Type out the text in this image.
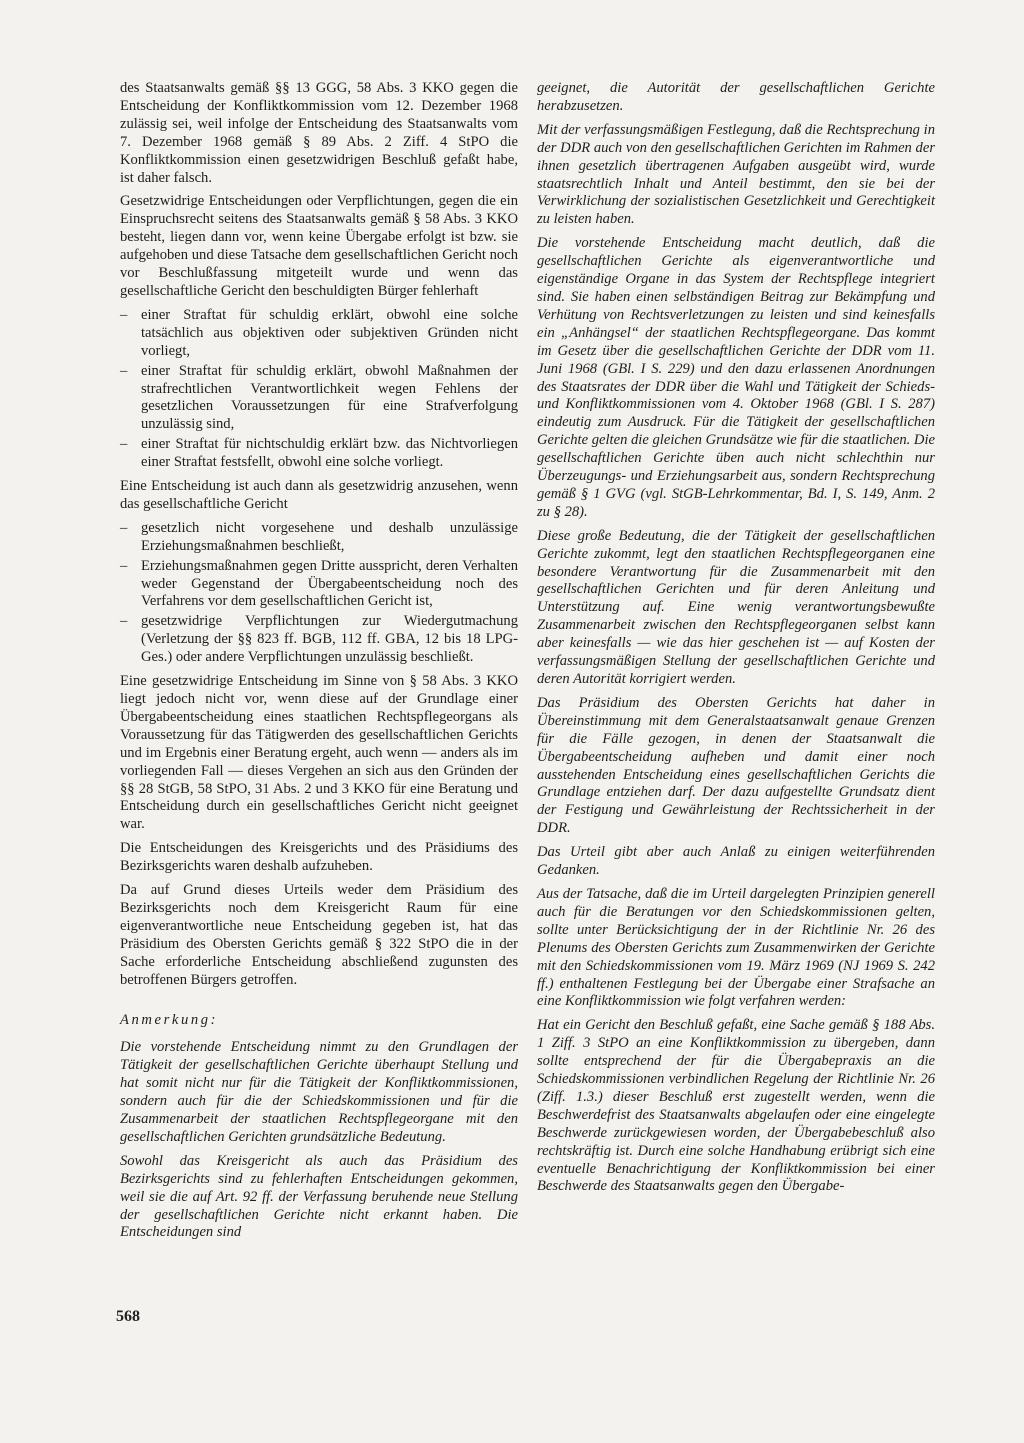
des Staatsanwalts gemäß §§ 13 GGG, 58 Abs. 3 KKO gegen die Entscheidung der Konfliktkommission vom 12. Dezember 1968 zulässig sei, weil infolge der Entscheidung des Staatsanwalts vom 7. Dezember 1968 gemäß § 89 Abs. 2 Ziff. 4 StPO die Konfliktkommission einen gesetzwidrigen Beschluß gefaßt habe, ist daher falsch.

Gesetzwidrige Entscheidungen oder Verpflichtungen, gegen die ein Einspruchsrecht seitens des Staatsanwalts gemäß § 58 Abs. 3 KKO besteht, liegen dann vor, wenn keine Übergabe erfolgt ist bzw. sie aufgehoben und diese Tatsache dem gesellschaftlichen Gericht noch vor Beschlußfassung mitgeteilt wurde und wenn das gesellschaftliche Gericht den beschuldigten Bürger fehlerhaft

– einer Straftat für schuldig erklärt, obwohl eine solche tatsächlich aus objektiven oder subjektiven Gründen nicht vorliegt,
– einer Straftat für schuldig erklärt, obwohl Maßnahmen der strafrechtlichen Verantwortlichkeit wegen Fehlens der gesetzlichen Voraussetzungen für eine Strafverfolgung unzulässig sind,
– einer Straftat für nichtschuldig erklärt bzw. das Nichtvorliegen einer Straftat festsfellt, obwohl eine solche vorliegt.

Eine Entscheidung ist auch dann als gesetzwidrig anzusehen, wenn das gesellschaftliche Gericht

– gesetzlich nicht vorgesehene und deshalb unzulässige Erziehungsmaßnahmen beschließt,
– Erziehungsmaßnahmen gegen Dritte ausspricht, deren Verhalten weder Gegenstand der Übergabeentscheidung noch des Verfahrens vor dem gesellschaftlichen Gericht ist,
– gesetzwidrige Verpflichtungen zur Wiedergutmachung (Verletzung der §§ 823 ff. BGB, 112 ff. GBA, 12 bis 18 LPG-Ges.) oder andere Verpflichtungen unzulässig beschließt.

Eine gesetzwidrige Entscheidung im Sinne von § 58 Abs. 3 KKO liegt jedoch nicht vor, wenn diese auf der Grundlage einer Übergabeentscheidung eines staatlichen Rechtspflegeorgans als Voraussetzung für das Tätigwerden des gesellschaftlichen Gerichts und im Ergebnis einer Beratung ergeht, auch wenn — anders als im vorliegenden Fall — dieses Vergehen an sich aus den Gründen der §§ 28 StGB, 58 StPO, 31 Abs. 2 und 3 KKO für eine Beratung und Entscheidung durch ein gesellschaftliches Gericht nicht geeignet war.

Die Entscheidungen des Kreisgerichts und des Präsidiums des Bezirksgerichts waren deshalb aufzuheben.

Da auf Grund dieses Urteils weder dem Präsidium des Bezirksgerichts noch dem Kreisgericht Raum für eine eigenverantwortliche neue Entscheidung gegeben ist, hat das Präsidium des Obersten Gerichts gemäß § 322 StPO die in der Sache erforderliche Entscheidung abschließend zugunsten des betroffenen Bürgers getroffen.

Anmerkung:

Die vorstehende Entscheidung nimmt zu den Grundlagen der Tätigkeit der gesellschaftlichen Gerichte überhaupt Stellung und hat somit nicht nur für die Tätigkeit der Konfliktkommissionen, sondern auch für die der Schiedskommissionen und für die Zusammenarbeit der staatlichen Rechtspflegeorgane mit den gesellschaftlichen Gerichten grundsätzliche Bedeutung.

Sowohl das Kreisgericht als auch das Präsidium des Bezirksgerichts sind zu fehlerhaften Entscheidungen gekommen, weil sie die auf Art. 92 ff. der Verfassung beruhende neue Stellung der gesellschaftlichen Gerichte nicht erkannt haben. Die Entscheidungen sind

geeignet, die Autorität der gesellschaftlichen Gerichte herabzusetzen.

Mit der verfassungsmäßigen Festlegung, daß die Rechtsprechung in der DDR auch von den gesellschaftlichen Gerichten im Rahmen der ihnen gesetzlich übertragenen Aufgaben ausgeübt wird, wurde staatsrechtlich Inhalt und Anteil bestimmt, den sie bei der Verwirklichung der sozialistischen Gesetzlichkeit und Gerechtigkeit zu leisten haben.

Die vorstehende Entscheidung macht deutlich, daß die gesellschaftlichen Gerichte als eigenverantwortliche und eigenständige Organe in das System der Rechtspflege integriert sind. Sie haben einen selbständigen Beitrag zur Bekämpfung und Verhütung von Rechtsverletzungen zu leisten und sind keinesfalls ein „Anhängsel“ der staatlichen Rechtspflegeorgane. Das kommt im Gesetz über die gesellschaftlichen Gerichte der DDR vom 11. Juni 1968 (GBl. I S. 229) und den dazu erlassenen Anordnungen des Staatsrates der DDR über die Wahl und Tätigkeit der Schieds- und Konfliktkommissionen vom 4. Oktober 1968 (GBl. I S. 287) eindeutig zum Ausdruck. Für die Tätigkeit der gesellschaftlichen Gerichte gelten die gleichen Grundsätze wie für die staatlichen. Die gesellschaftlichen Gerichte üben auch nicht schlechthin nur Überzeugungs- und Erziehungsarbeit aus, sondern Rechtsprechung gemäß § 1 GVG (vgl. StGB-Lehrkommentar, Bd. I, S. 149, Anm. 2 zu § 28).

Diese große Bedeutung, die der Tätigkeit der gesellschaftlichen Gerichte zukommt, legt den staatlichen Rechtspflegeorganen eine besondere Verantwortung für die Zusammenarbeit mit den gesellschaftlichen Gerichten und für deren Anleitung und Unterstützung auf. Eine wenig verantwortungsbewußte Zusammenarbeit zwischen den Rechtspflegeorganen selbst kann aber keinesfalls — wie das hier geschehen ist — auf Kosten der verfassungsmäßigen Stellung der gesellschaftlichen Gerichte und deren Autorität korrigiert werden.

Das Präsidium des Obersten Gerichts hat daher in Übereinstimmung mit dem Generalstaatsanwalt genaue Grenzen für die Fälle gezogen, in denen der Staatsanwalt die Übergabeentscheidung aufheben und damit einer noch ausstehenden Entscheidung eines gesellschaftlichen Gerichts die Grundlage entziehen darf. Der dazu aufgestellte Grundsatz dient der Festigung und Gewährleistung der Rechtssicherheit in der DDR.

Das Urteil gibt aber auch Anlaß zu einigen weiterführenden Gedanken.

Aus der Tatsache, daß die im Urteil dargelegten Prinzipien generell auch für die Beratungen vor den Schiedskommissionen gelten, sollte unter Berücksichtigung der in der Richtlinie Nr. 26 des Plenums des Obersten Gerichts zum Zusammenwirken der Gerichte mit den Schiedskommissionen vom 19. März 1969 (NJ 1969 S. 242 ff.) enthaltenen Festlegung bei der Übergabe einer Strafsache an eine Konfliktkommission wie folgt verfahren werden:

Hat ein Gericht den Beschluß gefaßt, eine Sache gemäß § 188 Abs. 1 Ziff. 3 StPO an eine Konfliktkommission zu übergeben, dann sollte entsprechend der für die Übergabepraxis an die Schiedskommissionen verbindlichen Regelung der Richtlinie Nr. 26 (Ziff. 1.3.) dieser Beschluß erst zugestellt werden, wenn die Beschwerdefrist des Staatsanwalts abgelaufen oder eine eingelegte Beschwerde zurückgewiesen worden, der Übergabebeschluß also rechtskräftig ist. Durch eine solche Handhabung erübrigt sich eine eventuelle Benachrichtigung der Konfliktkommission bei einer Beschwerde des Staatsanwalts gegen den Übergabe-

568
